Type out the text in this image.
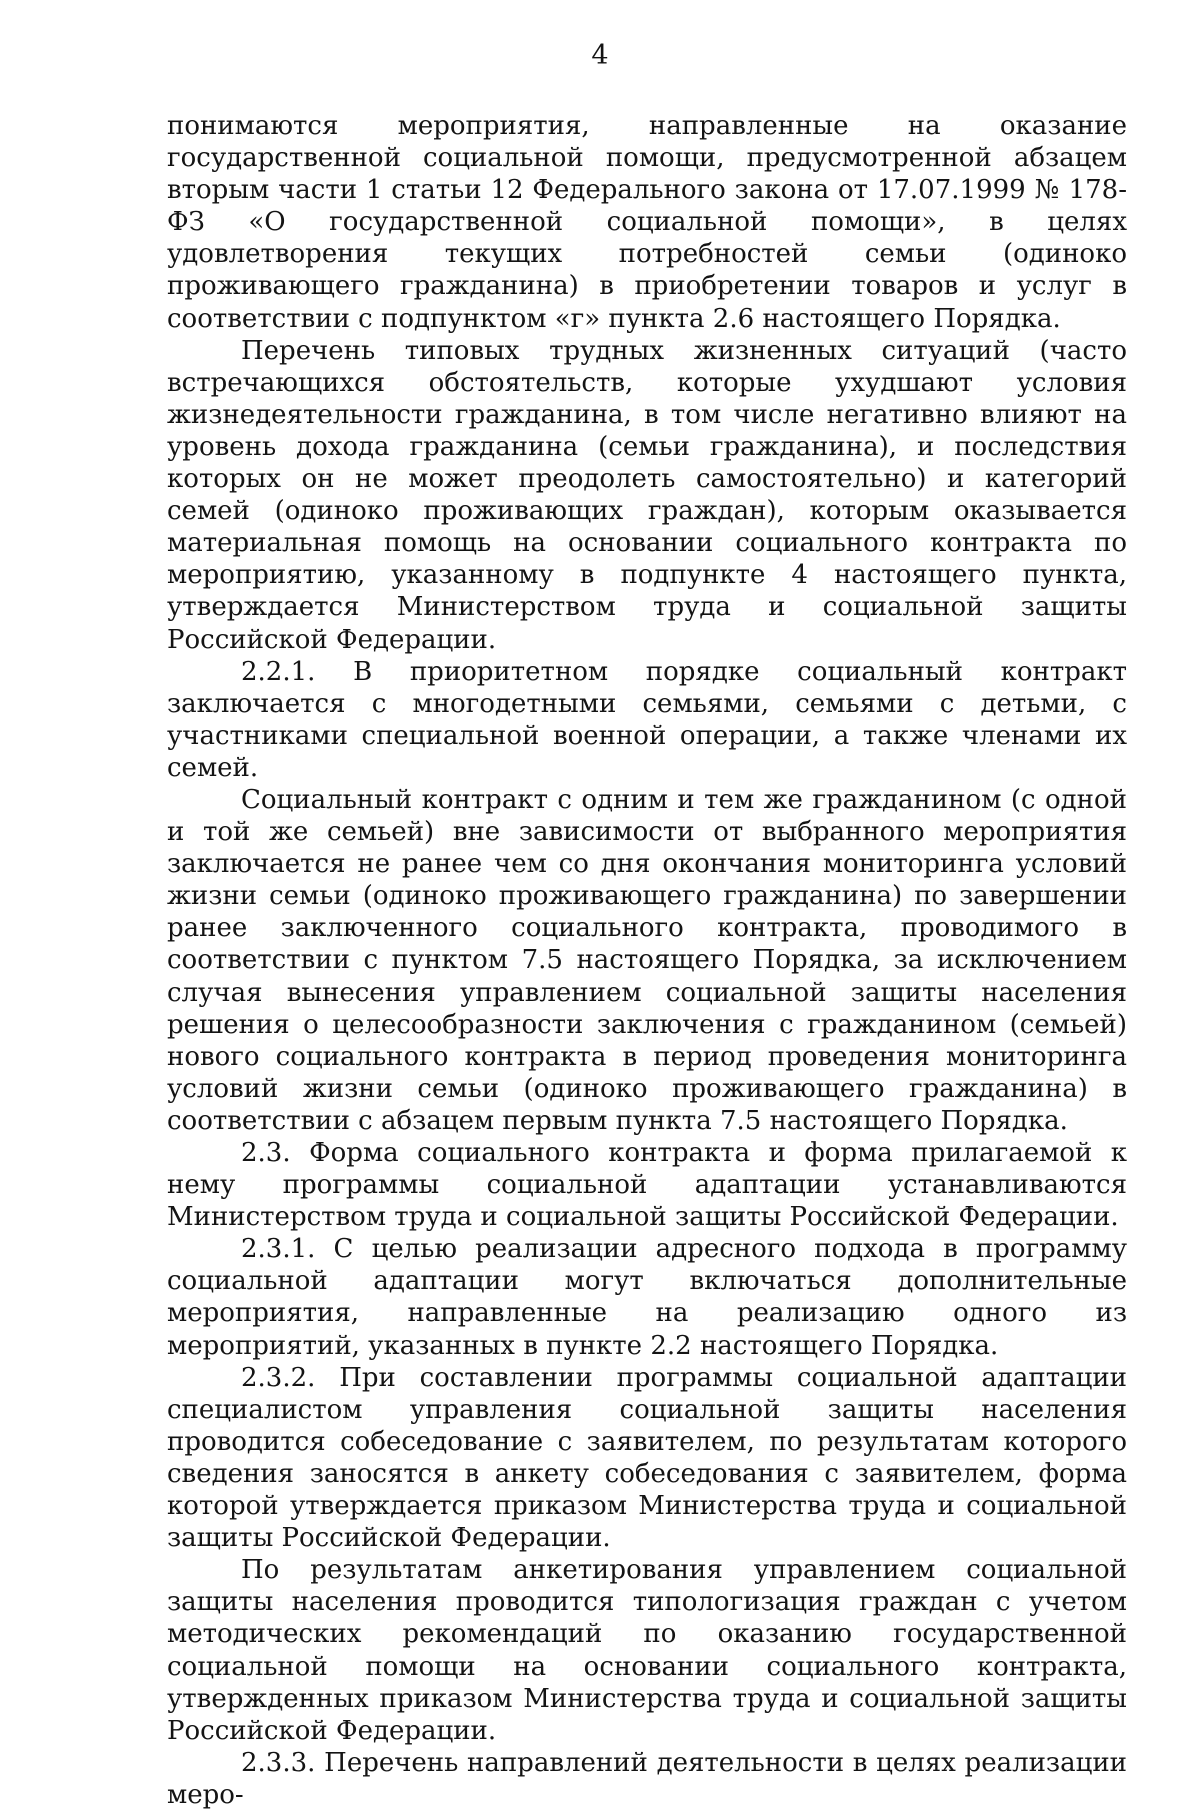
4

понимаются мероприятия, направленные на оказание государственной социальной помощи, предусмотренной абзацем вторым части 1 статьи 12 Федерального закона от 17.07.1999 № 178-ФЗ «О государственной социальной помощи», в целях удовлетворения текущих потребностей семьи (одиноко проживающего гражданина) в приобретении товаров и услуг в соответствии с подпунктом «г» пункта 2.6 настоящего Порядка.

Перечень типовых трудных жизненных ситуаций (часто встречающихся обстоятельств, которые ухудшают условия жизнедеятельности гражданина, в том числе негативно влияют на уровень дохода гражданина (семьи гражданина), и последствия которых он не может преодолеть самостоятельно) и категорий семей (одиноко проживающих граждан), которым оказывается материальная помощь на основании социального контракта по мероприятию, указанному в подпункте 4 настоящего пункта, утверждается Министерством труда и социальной защиты Российской Федерации.

2.2.1. В приоритетном порядке социальный контракт заключается с многодетными семьями, семьями с детьми, с участниками специальной военной операции, а также членами их семей.

Социальный контракт с одним и тем же гражданином (с одной и той же семьей) вне зависимости от выбранного мероприятия заключается не ранее чем со дня окончания мониторинга условий жизни семьи (одиноко проживающего гражданина) по завершении ранее заключенного социального контракта, проводимого в соответствии с пунктом 7.5 настоящего Порядка, за исключением случая вынесения управлением социальной защиты населения решения о целесообразности заключения с гражданином (семьей) нового социального контракта в период проведения мониторинга условий жизни семьи (одиноко проживающего гражданина) в соответствии с абзацем первым пункта 7.5 настоящего Порядка.

2.3. Форма социального контракта и форма прилагаемой к нему программы социальной адаптации устанавливаются Министерством труда и социальной защиты Российской Федерации.

2.3.1. С целью реализации адресного подхода в программу социальной адаптации могут включаться дополнительные мероприятия, направленные на реализацию одного из мероприятий, указанных в пункте 2.2 настоящего Порядка.

2.3.2. При составлении программы социальной адаптации специалистом управления социальной защиты населения проводится собеседование с заявителем, по результатам которого сведения заносятся в анкету собеседования с заявителем, форма которой утверждается приказом Министерства труда и социальной защиты Российской Федерации.

По результатам анкетирования управлением социальной защиты населения проводится типологизация граждан с учетом методических рекомендаций по оказанию государственной социальной помощи на основании социального контракта, утвержденных приказом Министерства труда и социальной защиты Российской Федерации.

2.3.3. Перечень направлений деятельности в целях реализации меро-
